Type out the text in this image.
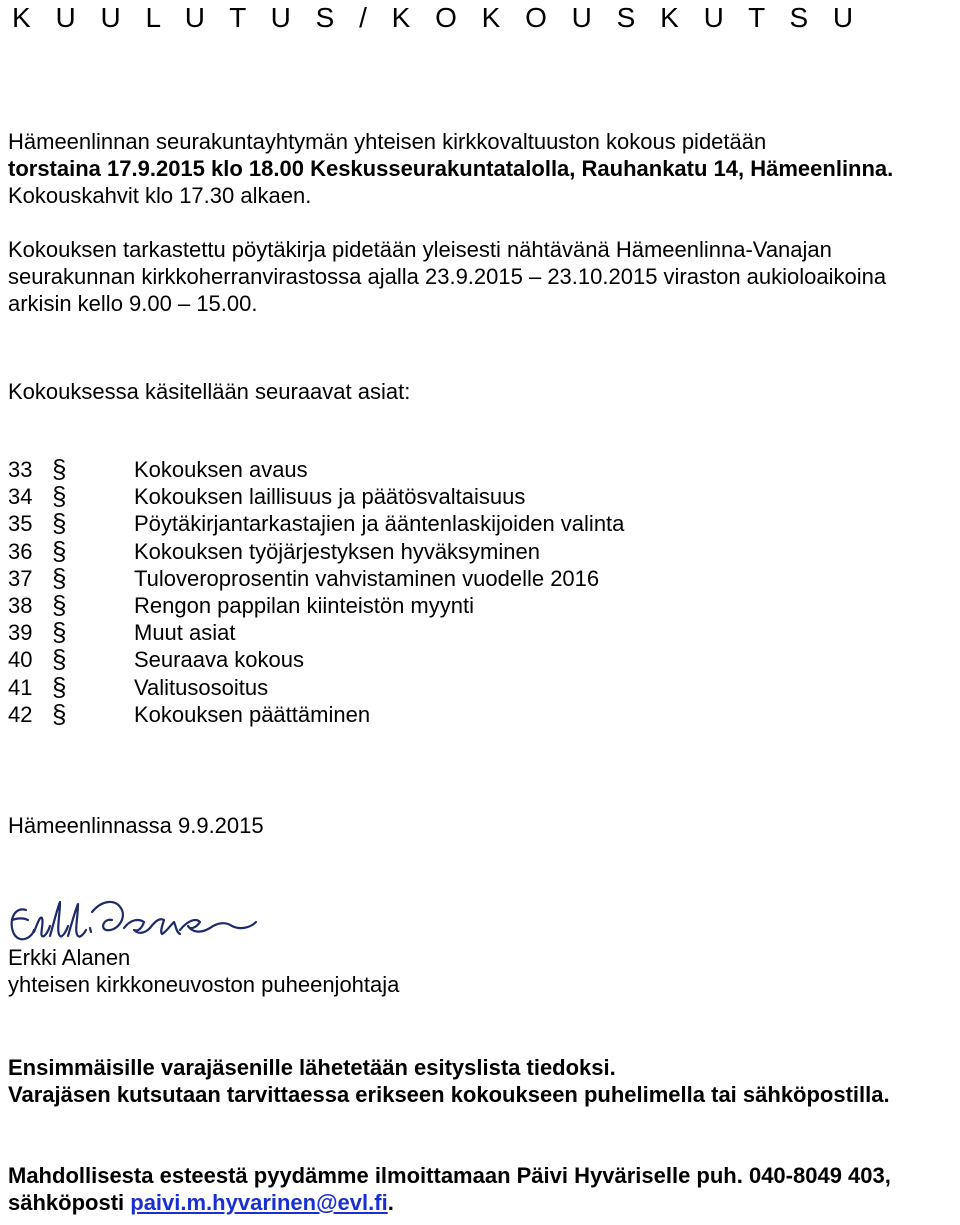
K U U L U T U S / K O K O U S K U T S U
Hämeenlinnan seurakuntayhtymän yhteisen kirkkovaltuuston kokous pidetään
torstaina 17.9.2015 klo 18.00 Keskusseurakuntatalolla, Rauhankatu 14, Hämeenlinna.
Kokouskahvit klo 17.30 alkaen.
Kokouksen tarkastettu pöytäkirja pidetään yleisesti nähtävänä Hämeenlinna-Vanajan
seurakunnan kirkkoherranvirastossa ajalla 23.9.2015 – 23.10.2015 viraston aukioloaikoina
arkisin kello 9.00 – 15.00.
Kokouksessa käsitellään seuraavat asiat:
33 §	Kokouksen avaus
34 §	Kokouksen laillisuus ja päätösvaltaisuus
35 §	Pöytäkirjantarkastajien ja ääntenlaskijoiden valinta
36 §	Kokouksen työjärjestyksen hyväksyminen
37 §	Tuloveroprosentin vahvistaminen vuodelle 2016
38 §	Rengon pappilan kiinteistön myynti
39 §	Muut asiat
40 §	Seuraava kokous
41 §	Valitusosoitus
42 §	Kokouksen päättäminen
Hämeenlinnassa 9.9.2015
Erkki Alanen
yhteisen kirkkoneuvoston puheenjohtaja
Ensimmäisille varajäsenille lähetetään esityslista tiedoksi.
Varajäsen kutsutaan tarvittaessa erikseen kokoukseen puhelimella tai sähköpostilla.
Mahdollisesta esteestä pyydämme ilmoittamaan Päivi Hyväriselle puh. 040-8049 403,
sähköposti paivi.m.hyvarinen@evl.fi.
